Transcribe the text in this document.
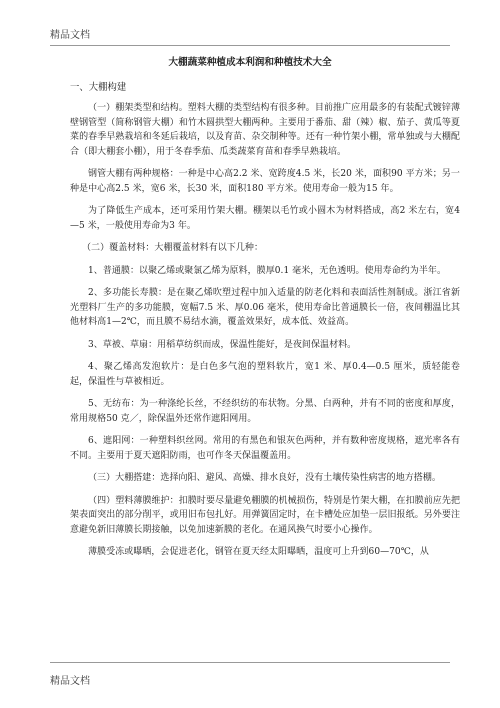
精品文档
大棚蔬菜种植成本利润和种植技术大全
一、大棚构建

（一）棚架类型和结构。塑料大棚的类型结构有很多种。目前推广应用最多的有装配式镀锌薄壁钢管型（简称钢管大棚）和竹木圆拱型大棚两种。主要用于番茄、甜（辣）椒、茄子、黄瓜等夏菜的春季早熟栽培和冬延后栽培，以及育苗、杂交制种等。还有一种竹架小棚，常单独或与大棚配合（即大棚套小棚），用于冬春季茄、瓜类蔬菜育苗和春季早熟栽培。

钢管大棚有两种规格：一种是中心高2.2 米、宽跨度4.5 米，长20 米，面积90 平方米；另一种是中心高2.5 米，宽6 米，长30 米，面积180 平方米。使用寿命一般为15 年。

为了降低生产成本，还可采用竹架大棚。棚架以毛竹或小圆木为材料搭成，高2 米左右，宽4—5 米，一般使用寿命为3 年。

（二）覆盖材料：大棚覆盖材料有以下几种：

1、普通膜：以聚乙烯或聚氯乙烯为原料，膜厚0.1 毫米，无色透明。使用寿命约为半年。

2、多功能长寿膜：是在聚乙烯吹塑过程中加入适量的防老化料和表面活性剂制成。浙江省新光塑料厂生产的多功能膜，宽幅7.5 米、厚0.06 毫米，使用寿命比普通膜长一倍，夜间棚温比其他材料高1—2℃，而且膜不易结水滴，覆盖效果好，成本低、效益高。

3、草被、草扇：用稻草纺织而成，保温性能好，是夜间保温材料。

4、聚乙烯高发泡软片：是白色多气泡的塑料软片，宽1 米、厚0.4—0.5 厘米，质轻能卷起，保温性与草被相近。

5、无纺布：为一种涤纶长丝，不经织纺的布状物。分黑、白两种，并有不同的密度和厚度，常用规格50 克／，除保温外还常作遮阳网用。

6、遮阳网：一种塑料织丝网。常用的有黑色和银灰色两种，并有数种密度规格，遮光率各有不同。主要用于夏天遮阳防雨，也可作冬天保温覆盖用。

（三）大棚搭建：选择向阳、避风、高燥、排水良好，没有土壤传染性病害的地方搭棚。

（四）塑料薄膜维护：扣膜时要尽量避免棚膜的机械损伤，特别是竹架大棚，在扣膜前应先把架表面突出的部分削平，或用旧布包扎好。用弹簧固定时，在卡槽处应加垫一层旧报纸。另外要注意避免新旧薄膜长期接触，以免加速新膜的老化。在通风换气时要小心操作。

薄膜受冻或曝晒，会促进老化，钢管在夏天经太阳曝晒，温度可上升到60—70℃，从

精品文档
